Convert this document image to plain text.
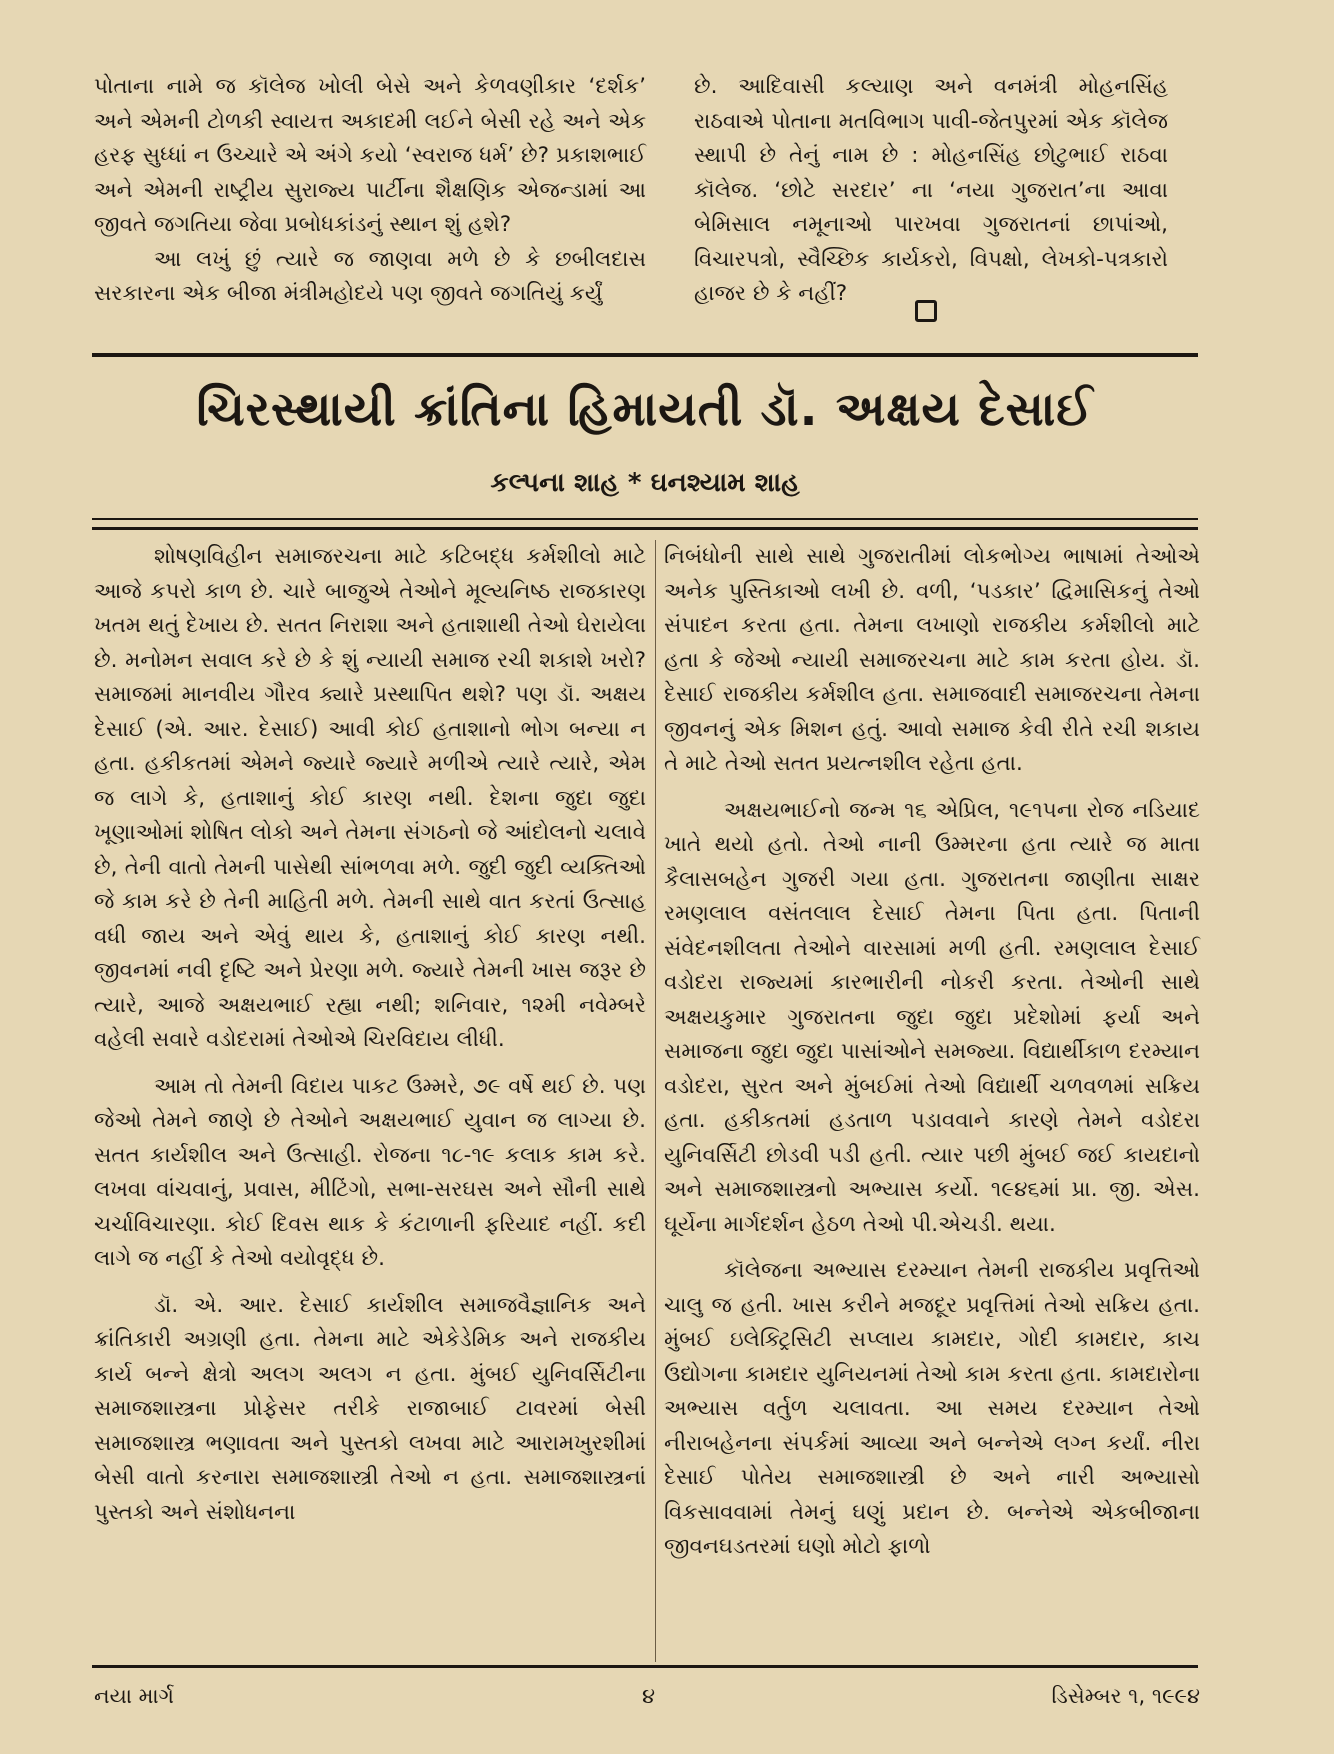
પોતાના નામે જ કૉલેજ ખોલી બેસે અને કેળવણીકાર ‘દર્શક’ અને એમની ટોળકી સ્વાયત્ત અકાદમી લઈને બેસી રહે અને એક હરફ સુધ્ધાં ન ઉચ્ચારે એ અંગે કયો ‘સ્વરાજ ધર્મ’ છે? પ્રકાશભાઈ અને એમની રાષ્ટ્રીય સુરાજ્ય પાર્ટીના શૈક્ષણિક એજન્ડામાં આ જીવતે જગતિયા જેવા પ્રબોધકાંડનું સ્થાન શું હશે?

આ લખું છું ત્યારે જ જાણવા મળે છે કે છબીલદાસ સરકારના એક બીજા મંત્રીમહોદયે પણ જીવતે જગતિયું કર્યું

છે. આદિવાસી કલ્યાણ અને વનમંત્રી મોહનસિંહ રાઠવાએ પોતાના મતવિભાગ પાવી-જેતપુરમાં એક કૉલેજ સ્થાપી છે તેનું નામ છે : મોહનસિંહ છોટુભાઈ રાઠવા કૉલેજ. ‘છોટે સરદાર’ ના ‘નયા ગુજરાત’ના આવા બેમિસાલ નમૂનાઓ પારખવા ગુજરાતનાં છાપાંઓ, વિચારપત્રો, સ્વૈચ્છિક કાર્યકરો, વિપક્ષો, લેખકો-પત્રકારો હાજર છે કે નહીં?

ચિરસ્થાયી ક્રાંતિના હિમાયતી ડૉ. અક્ષય દેસાઈ
કલ્પના શાહ * ઘનશ્યામ શાહ

શોષણવિહીન સમાજરચના માટે કટિબદ્ધ કર્મશીલો માટે આજે કપરો કાળ છે. ચારે બાજુએ તેઓને મૂલ્યનિષ્ઠ રાજકારણ ખતમ થતું દેખાય છે. સતત નિરાશા અને હતાશાથી તેઓ ઘેરાયેલા છે. મનોમન સવાલ કરે છે કે શું ન્યાયી સમાજ રચી શકાશે ખરો? સમાજમાં માનવીય ગૌરવ ક્યારે પ્રસ્થાપિત થશે? પણ ડૉ. અક્ષય દેસાઈ (એ. આર. દેસાઈ) આવી કોઈ હતાશાનો ભોગ બન્યા ન હતા. હકીકતમાં એમને જ્યારે જ્યારે મળીએ ત્યારે ત્યારે, એમ જ લાગે કે, હતાશાનું કોઈ કારણ નથી. દેશના જુદા જુદા ખૂણાઓમાં શોષિત લોકો અને તેમના સંગઠનો જે આંદોલનો ચલાવે છે, તેની વાતો તેમની પાસેથી સાંભળવા મળે. જુદી જુદી વ્યક્તિઓ જે કામ કરે છે તેની માહિતી મળે. તેમની સાથે વાત કરતાં ઉત્સાહ વધી જાય અને એવું થાય કે, હતાશાનું કોઈ કારણ નથી. જીવનમાં નવી દૃષ્ટિ અને પ્રેરણા મળે. જ્યારે તેમની ખાસ જરૂર છે ત્યારે, આજે અક્ષયભાઈ રહ્યા નથી; શનિવાર, ૧૨મી નવેમ્બરે વહેલી સવારે વડોદરામાં તેઓએ ચિરવિદાય લીધી.

આમ તો તેમની વિદાય પાકટ ઉમ્મરે, ૭૯ વર્ષે થઈ છે. પણ જેઓ તેમને જાણે છે તેઓને અક્ષયભાઈ યુવાન જ લાગ્યા છે. સતત કાર્યશીલ અને ઉત્સાહી. રોજના ૧૮-૧૯ કલાક કામ કરે. લખવા વાંચવાનું, પ્રવાસ, મીટિંગો, સભા-સરઘસ અને સૌની સાથે ચર્ચાવિચારણા. કોઈ દિવસ થાક કે કંટાળાની ફરિયાદ નહીં. કદી લાગે જ નહીં કે તેઓ વયોવૃદ્ધ છે.

ડૉ. એ. આર. દેસાઈ કાર્યશીલ સમાજવૈજ્ઞાનિક અને ક્રાંતિકારી અગ્રણી હતા. તેમના માટે એકેડેમિક અને રાજકીય કાર્ય બન્ને ક્ષેત્રો અલગ અલગ ન હતા. મુંબઈ યુનિવર્સિટીના સમાજશાસ્ત્રના પ્રોફેસર તરીકે રાજાબાઈ ટાવરમાં બેસી સમાજશાસ્ત્ર ભણાવતા અને પુસ્તકો લખવા માટે આરામખુરશીમાં બેસી વાતો કરનારા સમાજશાસ્ત્રી તેઓ ન હતા. સમાજશાસ્ત્રનાં પુસ્તકો અને સંશોધનના

નિબંધોની સાથે સાથે ગુજરાતીમાં લોકભોગ્ય ભાષામાં તેઓએ અનેક પુસ્તિકાઓ લખી છે. વળી, ‘પડકાર’ દ્વિમાસિકનું તેઓ સંપાદન કરતા હતા. તેમના લખાણો રાજકીય કર્મશીલો માટે હતા કે જેઓ ન્યાયી સમાજરચના માટે કામ કરતા હોય. ડૉ. દેસાઈ રાજકીય કર્મશીલ હતા. સમાજવાદી સમાજરચના તેમના જીવનનું એક મિશન હતું. આવો સમાજ કેવી રીતે રચી શકાય તે માટે તેઓ સતત પ્રયત્નશીલ રહેતા હતા.

અક્ષયભાઈનો જન્મ ૧૬ એપ્રિલ, ૧૯૧૫ના રોજ નડિયાદ ખાતે થયો હતો. તેઓ નાની ઉમ્મરના હતા ત્યારે જ માતા કૈલાસબહેન ગુજરી ગયા હતા. ગુજરાતના જાણીતા સાક્ષર રમણલાલ વસંતલાલ દેસાઈ તેમના પિતા હતા. પિતાની સંવેદનશીલતા તેઓને વારસામાં મળી હતી. રમણલાલ દેસાઈ વડોદરા રાજ્યમાં કારભારીની નોકરી કરતા. તેઓની સાથે અક્ષયકુમાર ગુજરાતના જુદા જુદા પ્રદેશોમાં ફર્યા અને સમાજના જુદા જુદા પાસાંઓને સમજ્યા. વિદ્યાર્થીકાળ દરમ્યાન વડોદરા, સુરત અને મુંબઈમાં તેઓ વિદ્યાર્થી ચળવળમાં સક્રિય હતા. હકીકતમાં હડતાળ પડાવવાને કારણે તેમને વડોદરા યુનિવર્સિટી છોડવી પડી હતી. ત્યાર પછી મુંબઈ જઈ કાયદાનો અને સમાજશાસ્ત્રનો અભ્યાસ કર્યો. ૧૯૪૬માં પ્રા. જી. એસ. ઘૂર્યેના માર્ગદર્શન હેઠળ તેઓ પી.એચડી. થયા.

કૉલેજના અભ્યાસ દરમ્યાન તેમની રાજકીય પ્રવૃત્તિઓ ચાલુ જ હતી. ખાસ કરીને મજદૂર પ્રવૃત્તિમાં તેઓ સક્રિય હતા. મુંબઈ ઇલેક્ટ્રિસિટી સપ્લાય કામદાર, ગોદી કામદાર, કાચ ઉદ્યોગના કામદાર યુનિયનમાં તેઓ કામ કરતા હતા. કામદારોના અભ્યાસ વર્તુળ ચલાવતા. આ સમય દરમ્યાન તેઓ નીરાબહેનના સંપર્કમાં આવ્યા અને બન્નેએ લગ્ન કર્યાં. નીરા દેસાઈ પોતેય સમાજશાસ્ત્રી છે અને નારી અભ્યાસો વિકસાવવામાં તેમનું ઘણું પ્રદાન છે. બન્નેએ એકબીજાના જીવનઘડતરમાં ઘણો મોટો ફાળો

નયા માર્ગ	૪	ડિસેમ્બર ૧, ૧૯૯૪
